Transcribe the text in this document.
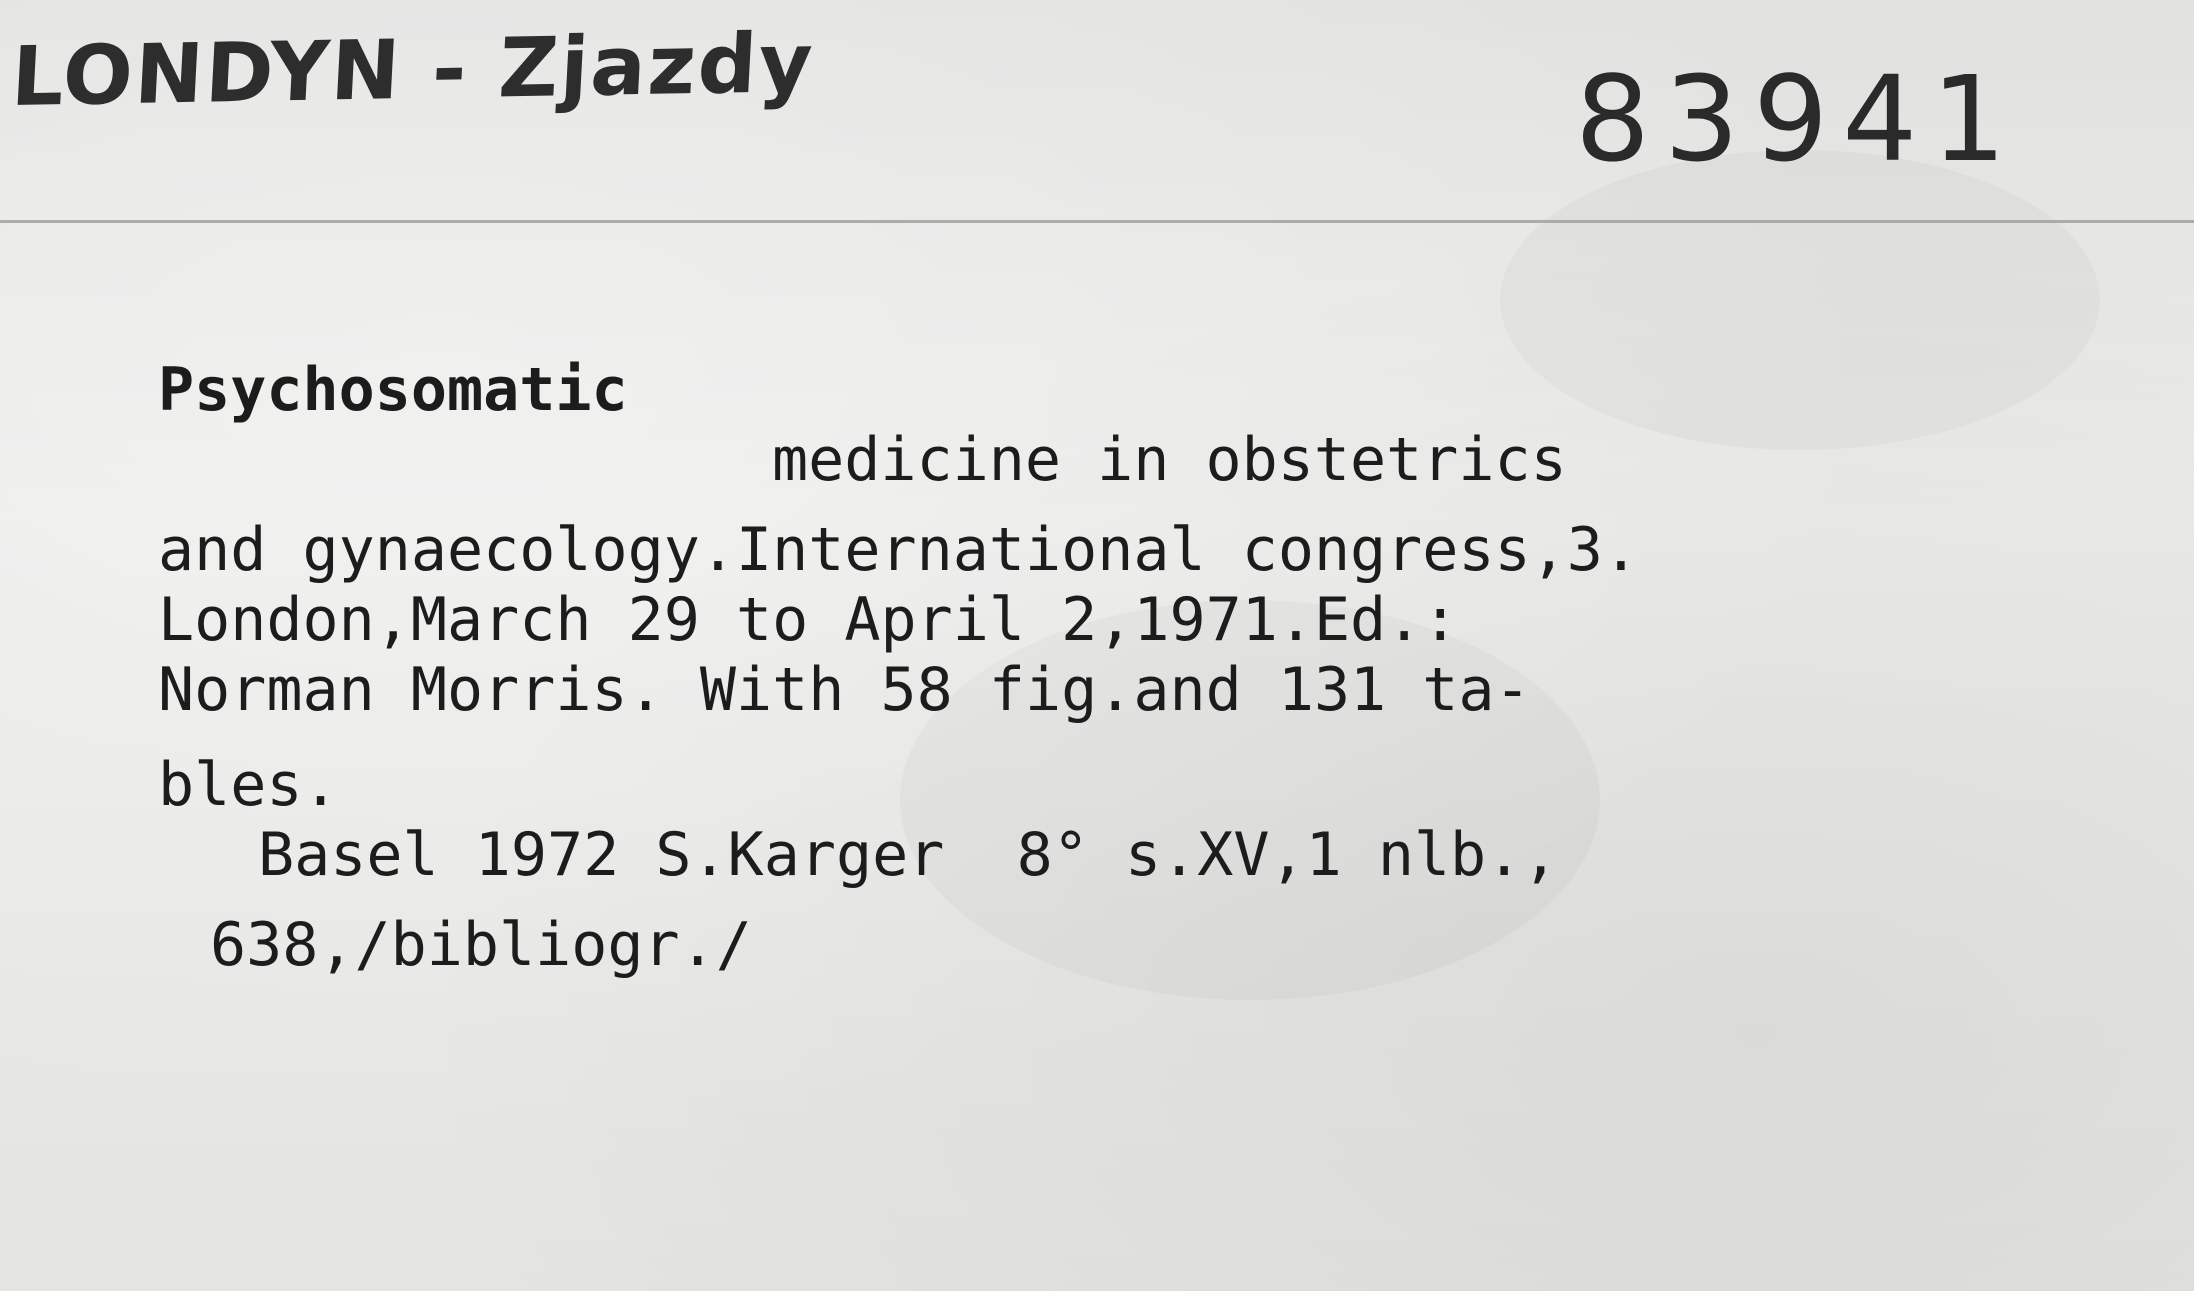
LONDYN - Zjazdy	83941
Psychosomatic
medicine in obstetrics
and gynaecology.International congress,3.
London,March 29 to April 2,1971.Ed.:
Norman Morris. With 58 fig.and 131 ta-
bles.
Basel 1972 S.Karger  8° s.XV,1 nlb.,
638,/bibliogr./
